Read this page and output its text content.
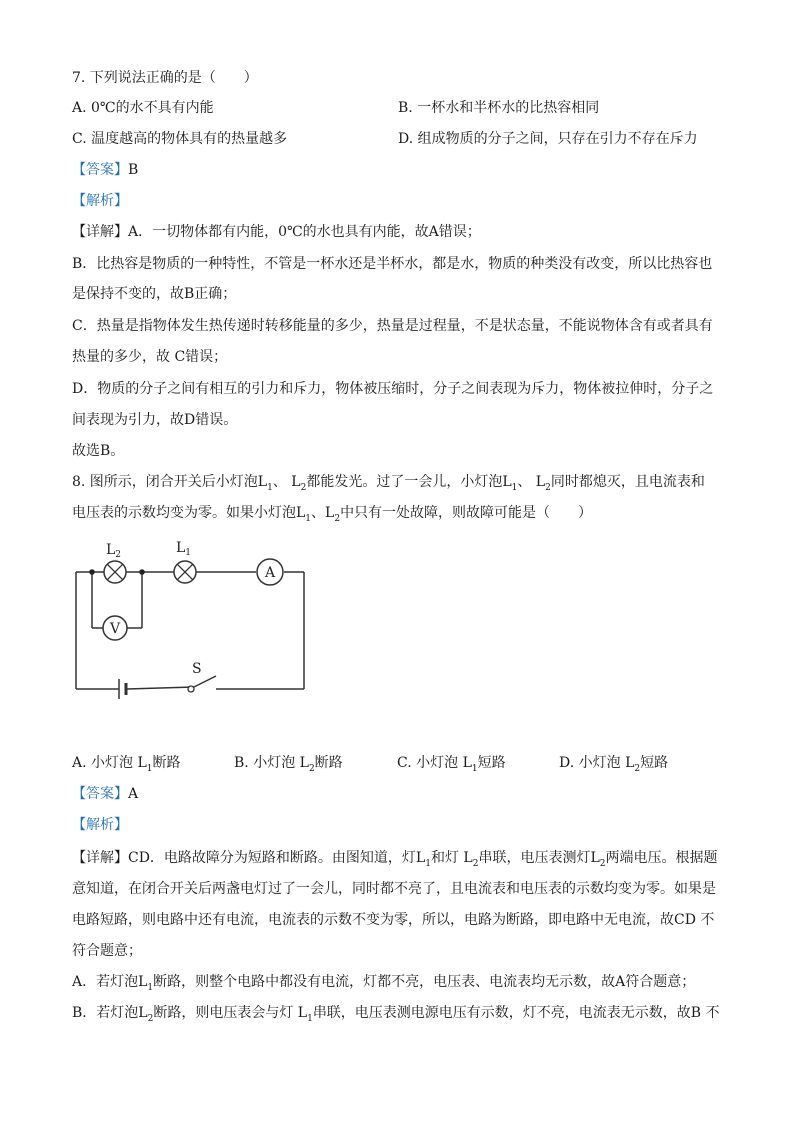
7. 下列说法正确的是（　　）
A. 0℃的水不具有内能	B. 一杯水和半杯水的比热容相同
C. 温度越高的物体具有的热量越多	D. 组成物质的分子之间，只存在引力不存在斥力
【答案】B
【解析】
【详解】A．一切物体都有内能，0℃的水也具有内能，故A错误；
B．比热容是物质的一种特性，不管是一杯水还是半杯水，都是水，物质的种类没有改变，所以比热容也
是保持不变的，故B正确；
C．热量是指物体发生热传递时转移能量的多少，热量是过程量，不是状态量，不能说物体含有或者具有
热量的多少，故 C错误；
D．物质的分子之间有相互的引力和斥力，物体被压缩时，分子之间表现为斥力，物体被拉伸时，分子之
间表现为引力，故D错误。
故选B。
8. 图所示，闭合开关后小灯泡$L_1$、 $L_2$都能发光。过了一会儿，小灯泡$L_1$、 $L_2$同时都熄灭，且电流表和
电压表的示数均变为零。如果小灯泡$L_1$、$L_2$中只有一处故障，则故障可能是（　　）
A
V
$L_2$	$L_1$
S
A. 小灯泡 $L_1$断路	B. 小灯泡 $L_2$断路	C. 小灯泡 $L_1$短路	D. 小灯泡 $L_2$短路
【答案】A
【解析】
【详解】CD．电路故障分为短路和断路。由图知道，灯$L_1$和灯 $L_2$串联，电压表测灯$L_2$两端电压。根据题
意知道，在闭合开关后两盏电灯过了一会儿，同时都不亮了，且电流表和电压表的示数均变为零。如果是
电路短路，则电路中还有电流，电流表的示数不变为零，所以，电路为断路，即电路中无电流，故CD 不
符合题意；
A．若灯泡$L_1$断路，则整个电路中都没有电流，灯都不亮，电压表、电流表均无示数，故A符合题意；
B．若灯泡$L_2$断路，则电压表会与灯 $L_1$串联，电压表测电源电压有示数，灯不亮，电流表无示数，故B 不
